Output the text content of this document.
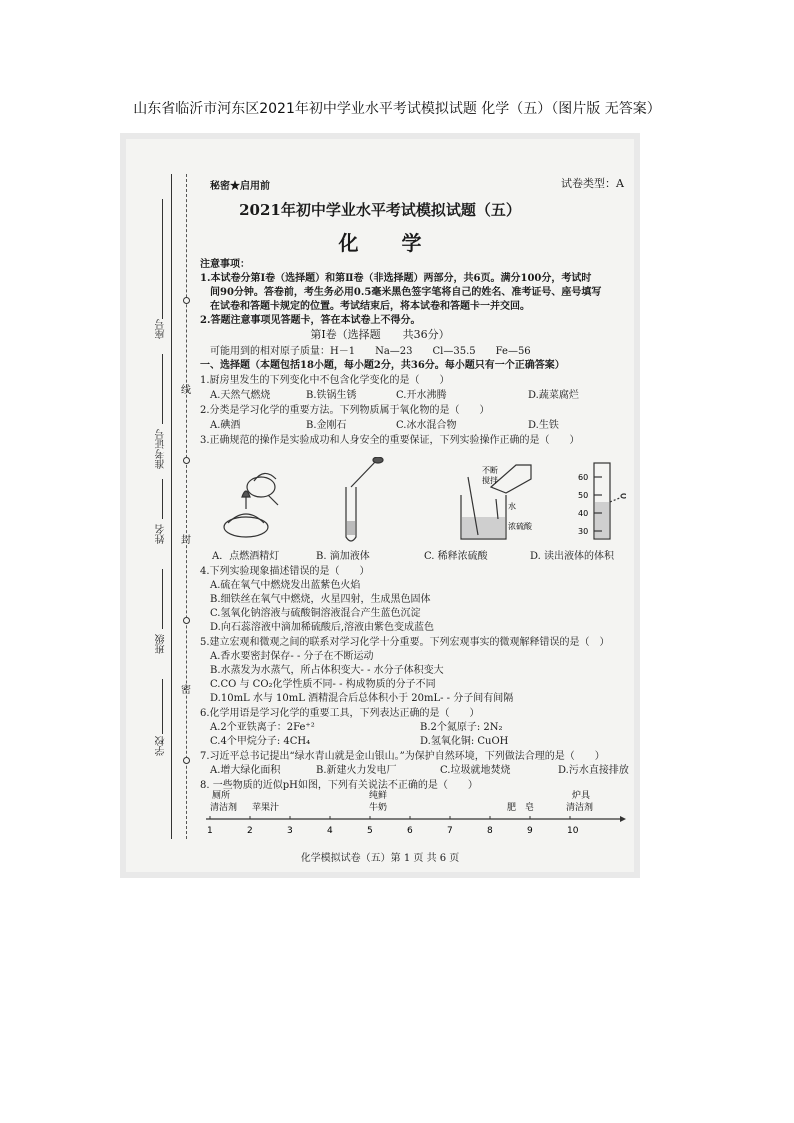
山东省临沂市河东区2021年初中学业水平考试模拟试题 化学（五）（图片版 无答案）
座号
准考证号
姓名
班级
学校
线
封
密
秘密★启用前	试卷类型：A
2021年初中学业水平考试模拟试题（五）
化 学
注意事项：
1.本试卷分第Ⅰ卷（选择题）和第Ⅱ卷（非选择题）两部分，共6页。满分100分，考试时
间90分钟。答卷前，考生务必用0.5毫米黑色签字笔将自己的姓名、准考证号、座号填写
在试卷和答题卡规定的位置。考试结束后，将本试卷和答题卡一并交回。
2.答题注意事项见答题卡，答在本试卷上不得分。
第Ⅰ卷（选择题　　共36分）
可能用到的相对原子质量：H－1　　Na—23　　Cl—35.5　　Fe—56
一、选择题（本题包括18小题，每小题2分，共36分。每小题只有一个正确答案）
1.厨房里发生的下列变化中不包含化学变化的是（　　）
A.天然气燃烧	B.铁锅生锈	C.开水沸腾	D.蔬菜腐烂
2.分类是学习化学的重要方法。下列物质属于氧化物的是（　　）
A.碘酒	B.金刚石	C.冰水混合物	D.生铁
3.正确规范的操作是实验成功和人身安全的重要保证，下列实验操作正确的是（　　）
不断
搅拌
水
浓硫酸
60
50
40
30
A．点燃酒精灯	B. 滴加液体	C. 稀释浓硫酸	D. 读出液体的体积
4.下列实验现象描述错误的是（　　）
A.硫在氧气中燃烧发出蓝紫色火焰
B.细铁丝在氧气中燃烧，火星四射，生成黑色固体
C.氢氧化钠溶液与硫酸铜溶液混合产生蓝色沉淀
D.向石蕊溶液中滴加稀硫酸后,溶液由紫色变成蓝色
5.建立宏观和微观之间的联系对学习化学十分重要。下列宏观事实的微观解释错误的是（　）
A.香水要密封保存- - 分子在不断运动
B.水蒸发为水蒸气，所占体积变大- - 水分子体积变大
C.CO 与 CO₂化学性质不同- - 构成物质的分子不同
D.10mL 水与 10mL 酒精混合后总体积小于 20mL- - 分子间有间隔
6.化学用语是学习化学的重要工具，下列表达正确的是（　　）
A.2个亚铁离子：2Fe⁺²	B.2个氮原子: 2N₂
C.4个甲烷分子: 4CH₄	D.氢氧化铜: CuOH
7.习近平总书记提出“绿水青山就是金山银山。”为保护自然环境，下列做法合理的是（　　）
A.增大绿化面积	B.新建火力发电厂	C.垃圾就地焚烧	D.污水直接排放
8. 一些物质的近似pH如图，下列有关说法不正确的是（　　）
厕所
清洁剂 苹果汁
纯鲜
牛奶	肥　皂
炉具
清洁剂
1	2	3	4	5	6	7	8	9	10
化学模拟试卷（五）第 1 页 共 6 页
